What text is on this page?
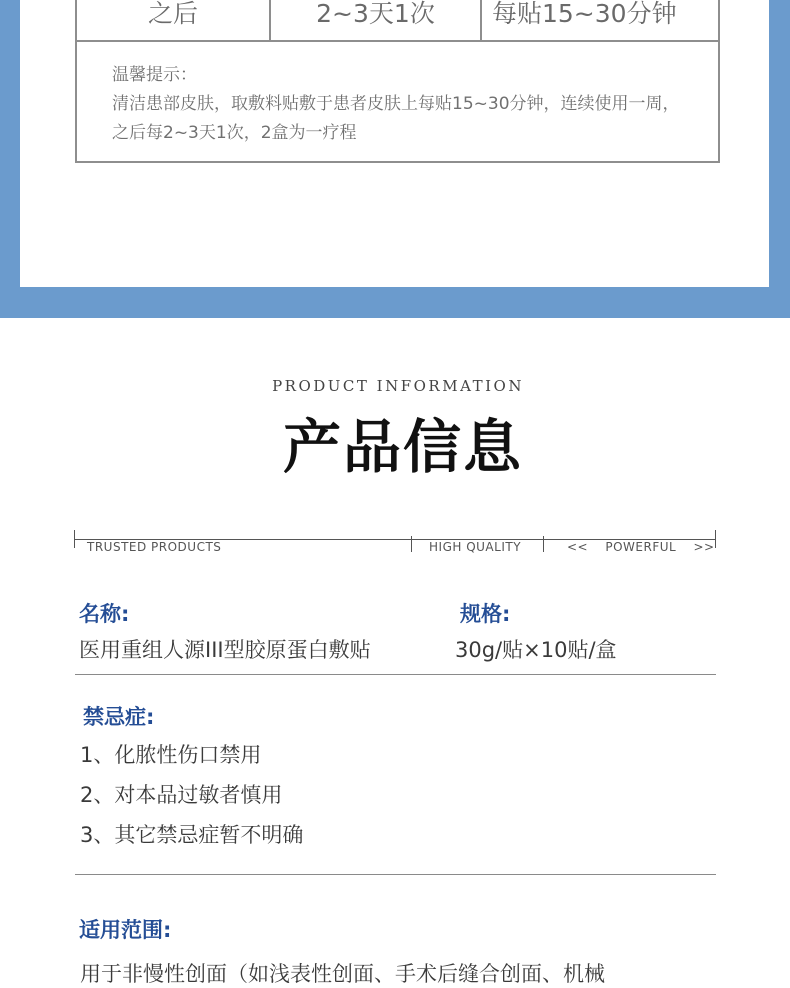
之后	2~3天1次	每贴15~30分钟
温馨提示：
清洁患部皮肤，取敷料贴敷于患者皮肤上每贴15~30分钟，连续使用一周，之后每2~3天1次，2盒为一疗程
PRODUCT INFORMATION
产品信息
TRUSTED PRODUCTS	HIGH QUALITY	<<    POWERFUL    >>
名称:
医用重组人源III型胶原蛋白敷贴
规格:
30g/贴×10贴/盒
禁忌症:
1、化脓性伤口禁用
2、对本品过敏者慎用
3、其它禁忌症暂不明确
适用范围:
用于非慢性创面（如浅表性创面、手术后缝合创面、机械
